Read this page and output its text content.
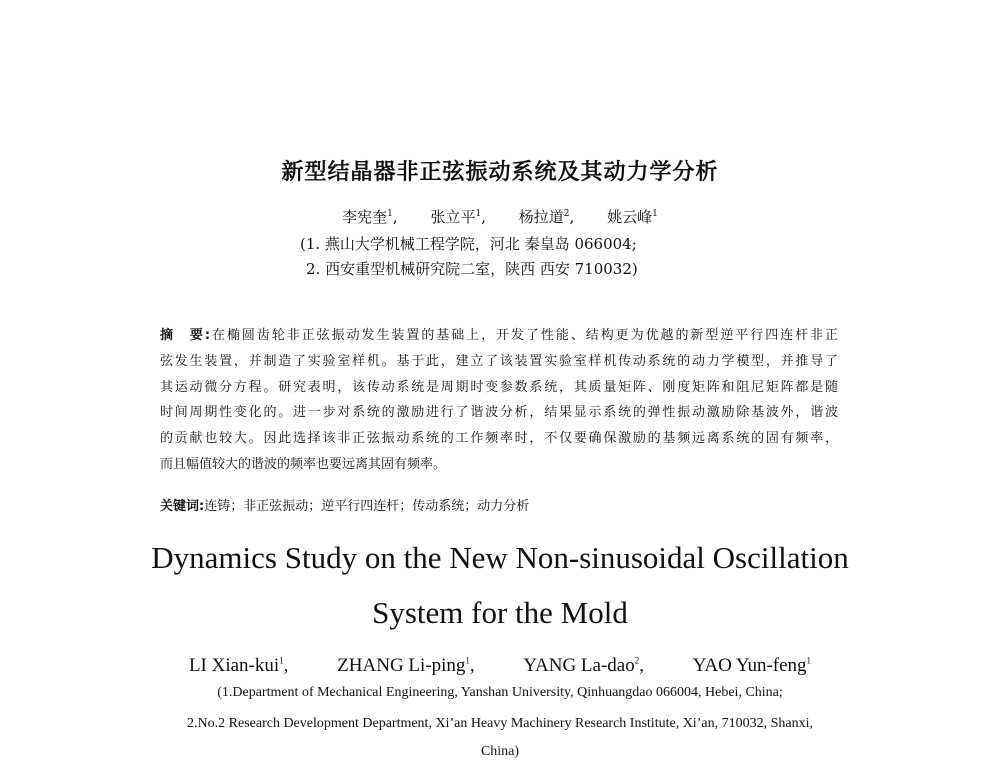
新型结晶器非正弦振动系统及其动力学分析
李宪奎$^1$, 张立平$^1$, 杨拉道$^2$, 姚云峰$^1$
(1. 燕山大学机械工程学院，河北 秦皇岛 066004;
2. 西安重型机械研究院二室，陕西 西安 710032)
摘　要:在椭圆齿轮非正弦振动发生装置的基础上，开发了性能、结构更为优越的新型逆平行四连杆非正
弦发生装置，并制造了实验室样机。基于此，建立了该装置实验室样机传动系统的动力学模型，并推导了
其运动微分方程。研究表明，该传动系统是周期时变参数系统，其质量矩阵、刚度矩阵和阻尼矩阵都是随
时间周期性变化的。进一步对系统的激励进行了谐波分析，结果显示系统的弹性振动激励除基波外，谐波
的贡献也较大。因此选择该非正弦振动系统的工作频率时，不仅要确保激励的基频远离系统的固有频率，
而且幅值较大的谐波的频率也要远离其固有频率。
关键词:连铸；非正弦振动；逆平行四连杆；传动系统；动力分析
Dynamics Study on the New Non-sinusoidal Oscillation
System for the Mold
LI Xian-kui$^1$,	ZHANG Li-ping$^1$,	YANG La-dao$^2$,	YAO Yun-feng$^1$
(1.Department of Mechanical Engineering, Yanshan University, Qinhuangdao 066004, Hebei, China;
2.No.2 Research Development Department, Xi’an Heavy Machinery Research Institute, Xi’an, 710032, Shanxi,
China)
